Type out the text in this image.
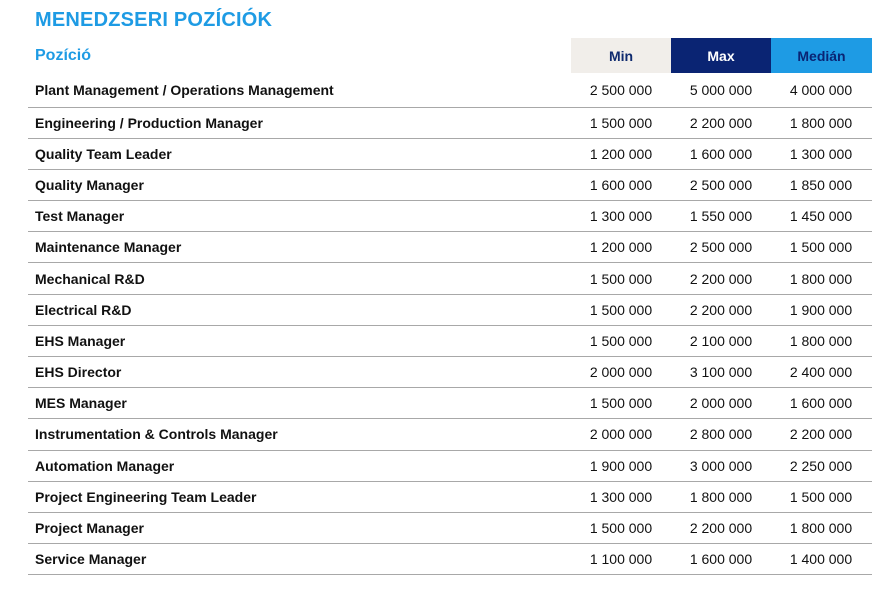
MENEDZSERI POZÍCIÓK
Pozíció	Min	Max	Medián
Plant Management / Operations Management	2 500 000	5 000 000	4 000 000
Engineering / Production Manager	1 500 000	2 200 000	1 800 000
Quality Team Leader	1 200 000	1 600 000	1 300 000
Quality Manager	1 600 000	2 500 000	1 850 000
Test Manager	1 300 000	1 550 000	1 450 000
Maintenance Manager	1 200 000	2 500 000	1 500 000
Mechanical R&D	1 500 000	2 200 000	1 800 000
Electrical R&D	1 500 000	2 200 000	1 900 000
EHS Manager	1 500 000	2 100 000	1 800 000
EHS Director	2 000 000	3 100 000	2 400 000
MES Manager	1 500 000	2 000 000	1 600 000
Instrumentation & Controls Manager	2 000 000	2 800 000	2 200 000
Automation Manager	1 900 000	3 000 000	2 250 000
Project Engineering Team Leader	1 300 000	1 800 000	1 500 000
Project Manager	1 500 000	2 200 000	1 800 000
Service Manager	1 100 000	1 600 000	1 400 000
